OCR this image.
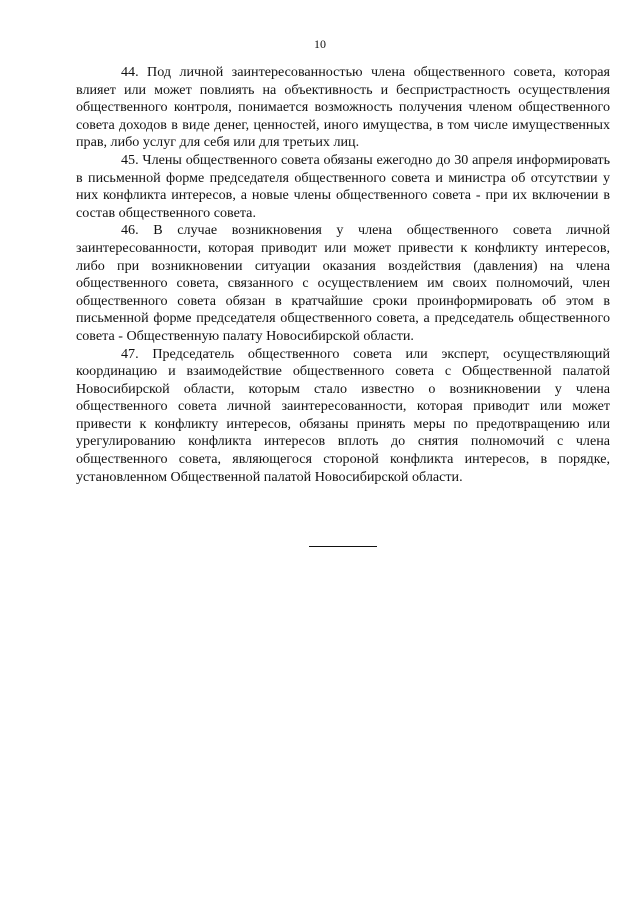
10

44. Под личной заинтересованностью члена общественного совета, которая влияет или может повлиять на объективность и беспристрастность осуществления общественного контроля, понимается возможность получения членом общественного совета доходов в виде денег, ценностей, иного имущества, в том числе имущественных прав, либо услуг для себя или для третьих лиц.

45. Члены общественного совета обязаны ежегодно до 30 апреля информировать в письменной форме председателя общественного совета и министра об отсутствии у них конфликта интересов, а новые члены общественного совета - при их включении в состав общественного совета.

46. В случае возникновения у члена общественного совета личной заинтересованности, которая приводит или может привести к конфликту интересов, либо при возникновении ситуации оказания воздействия (давления) на члена общественного совета, связанного с осуществлением им своих полномочий, член общественного совета обязан в кратчайшие сроки проинформировать об этом в письменной форме председателя общественного совета, а председатель общественного совета - Общественную палату Новосибирской области.

47. Председатель общественного совета или эксперт, осуществляющий координацию и взаимодействие общественного совета с Общественной палатой Новосибирской области, которым стало известно о возникновении у члена общественного совета личной заинтересованности, которая приводит или может привести к конфликту интересов, обязаны принять меры по предотвращению или урегулированию конфликта интересов вплоть до снятия полномочий с члена общественного совета, являющегося стороной конфликта интересов, в порядке, установленном Общественной палатой Новосибирской области.
